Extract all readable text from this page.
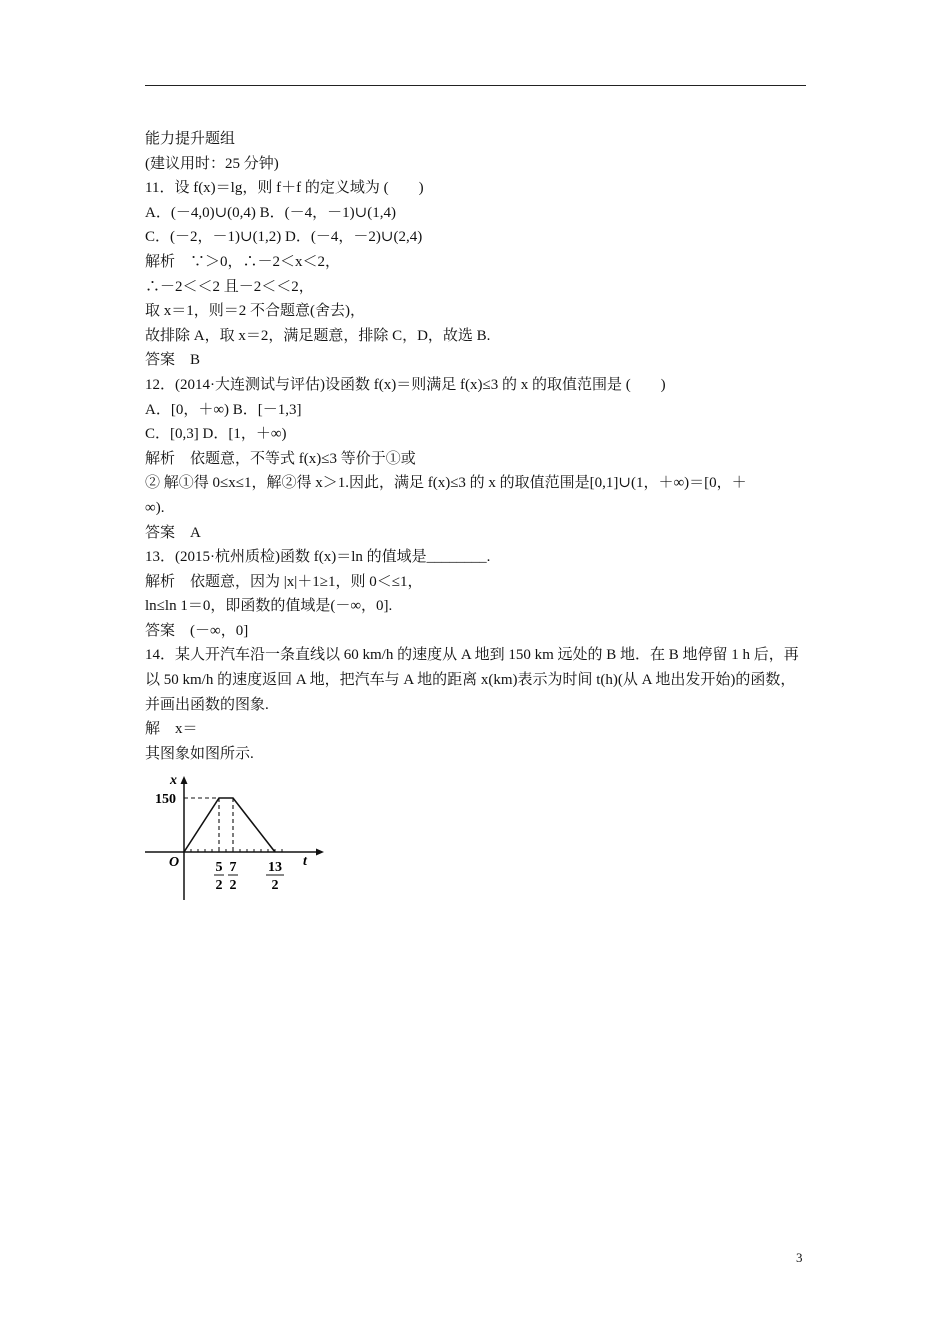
能力提升题组
(建议用时：25 分钟)
11．设 f(x)＝lg，则 f＋f 的定义域为 (　　)
A．(－4,0)∪(0,4) B．(－4，－1)∪(1,4)
C．(－2，－1)∪(1,2) D．(－4，－2)∪(2,4)
解析　∵＞0，∴－2＜x＜2，
∴－2＜＜2 且－2＜＜2，
取 x＝1，则＝2 不合题意(舍去)，
故排除 A，取 x＝2，满足题意，排除 C，D，故选 B.
答案　B
12．(2014·大连测试与评估)设函数 f(x)＝则满足 f(x)≤3 的 x 的取值范围是 (　　)
A．[0，＋∞) B．[－1,3]
C．[0,3] D．[1，＋∞)
解析　依题意，不等式 f(x)≤3 等价于①或
② 解①得 0≤x≤1，解②得 x＞1.因此，满足 f(x)≤3 的 x 的取值范围是[0,1]∪(1，＋∞)＝[0，＋
∞).
答案　A
13．(2015·杭州质检)函数 f(x)＝ln 的值域是________.
解析　依题意，因为 |x|＋1≥1，则 0＜≤1，
ln≤ln 1＝0，即函数的值域是(－∞，0].
答案　(－∞，0]
14．某人开汽车沿一条直线以 60 km/h 的速度从 A 地到 150 km 远处的 B 地．在 B 地停留 1 h 后，再以 50 km/h 的速度返回 A 地，把汽车与 A 地的距离 x(km)表示为时间 t(h)(从 A 地出发开始)的函数，并画出函数的图象.
解　x＝
其图象如图所示.
x
t
O
150
5
2
7
2
13
2
3
